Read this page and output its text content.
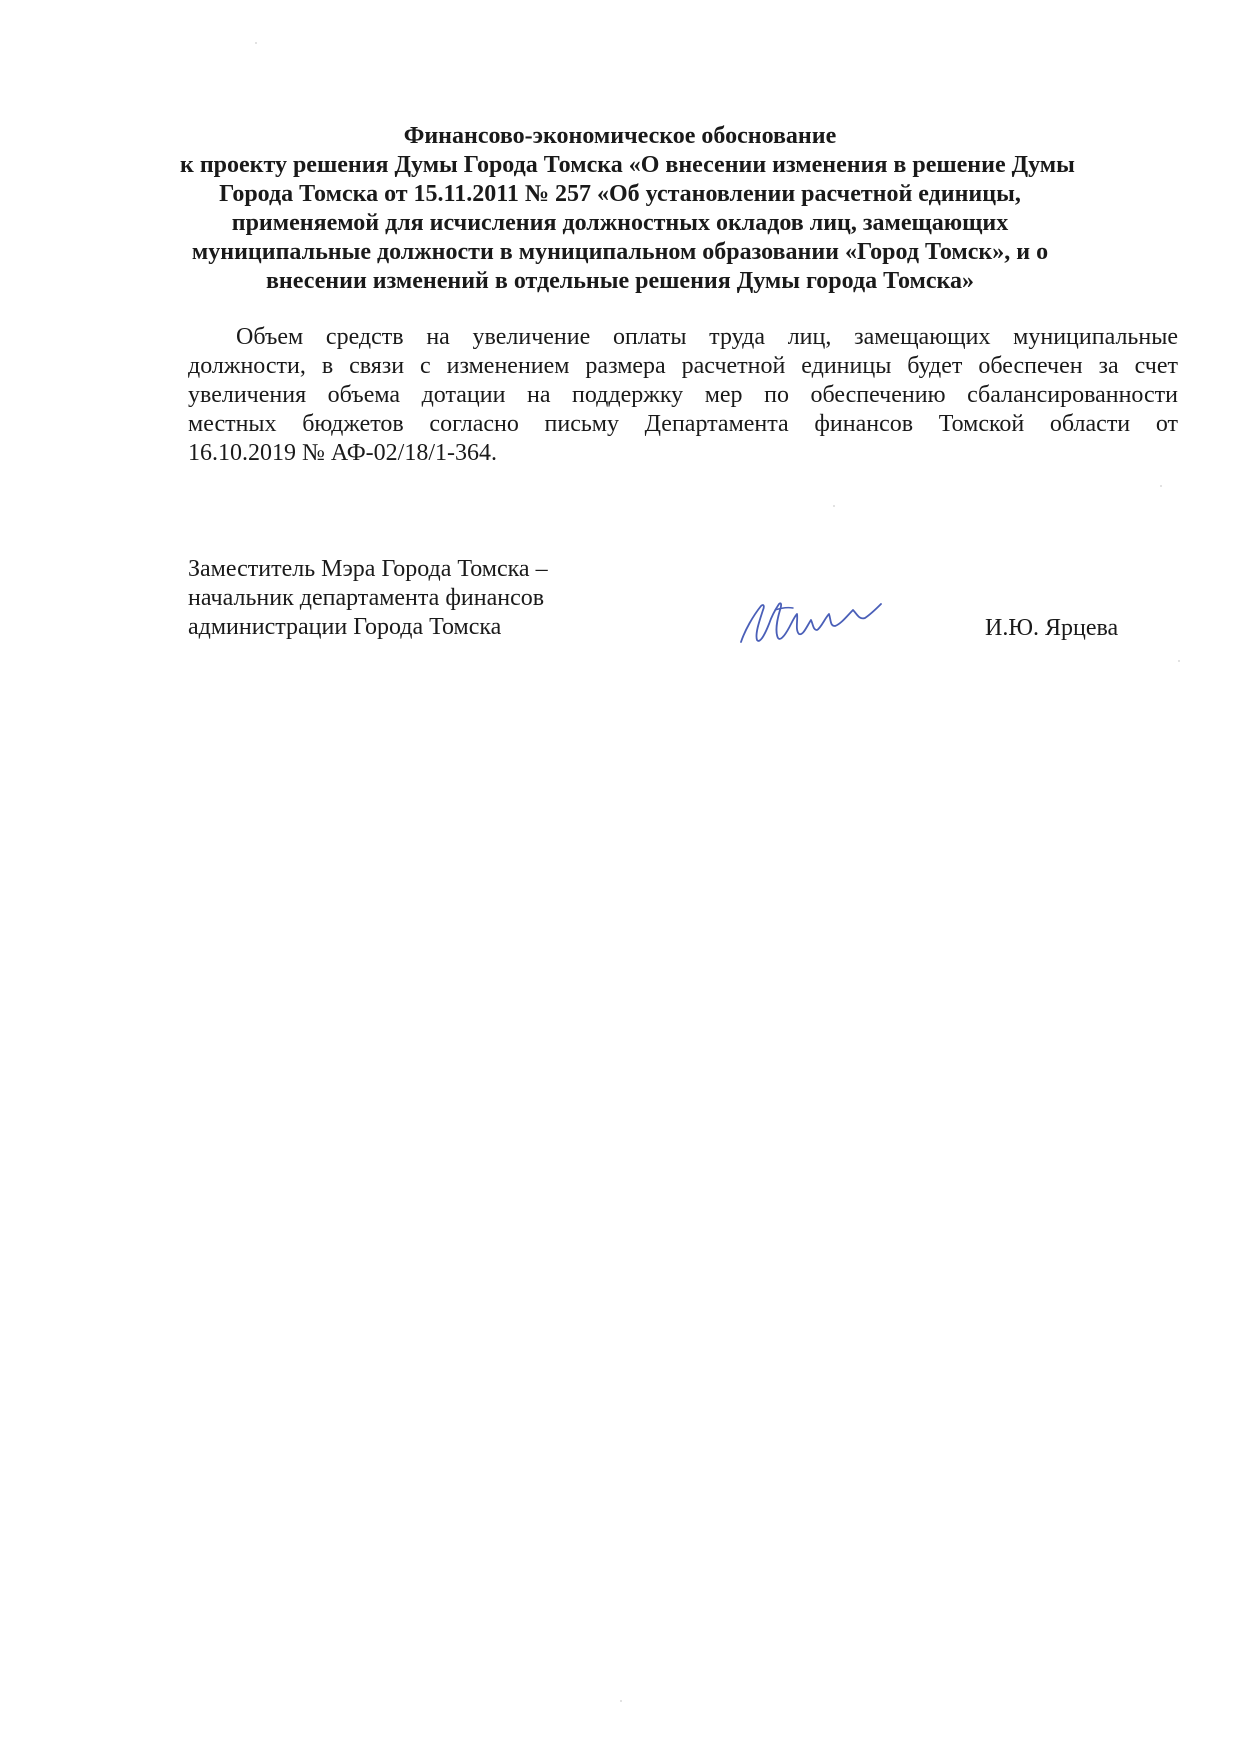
Финансово-экономическое обоснование
к проекту решения Думы Города Томска «О внесении изменения в решение Думы
Города Томска от 15.11.2011 № 257 «Об установлении расчетной единицы,
применяемой для исчисления должностных окладов лиц, замещающих
муниципальные должности в муниципальном образовании «Город Томск», и о
внесении изменений в отдельные решения Думы города Томска»
Объем средств на увеличение оплаты труда лиц, замещающих муниципальные
должности, в связи с изменением размера расчетной единицы будет обеспечен за счет
увеличения объема дотации на поддержку мер по обеспечению сбалансированности
местных бюджетов согласно письму Департамента финансов Томской области от
16.10.2019 № АФ-02/18/1-364.
Заместитель Мэра Города Томска –
начальник департамента финансов
администрации Города Томска	И.Ю. Ярцева
